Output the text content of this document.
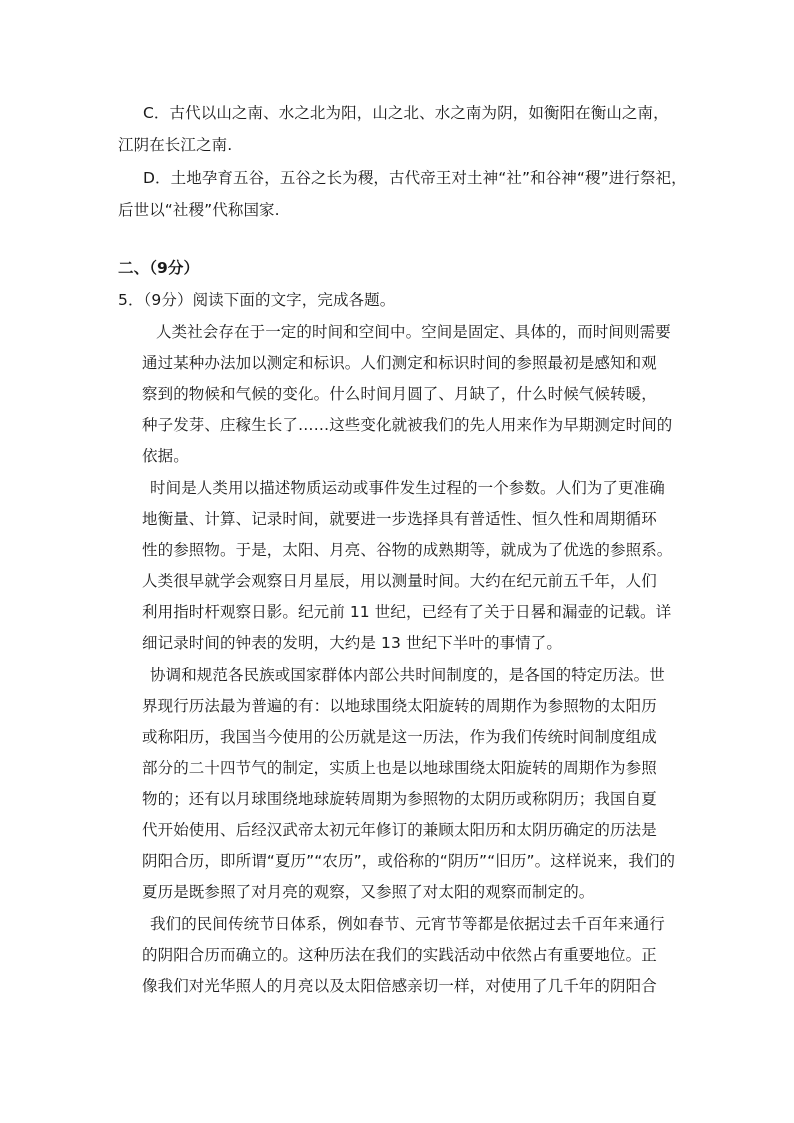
C．古代以山之南、水之北为阳，山之北、水之南为阴，如衡阳在衡山之南，
江阴在长江之南.
D．土地孕育五谷，五谷之长为稷，古代帝王对土神“社”和谷神“稷”进行祭祀，
后世以“社稷”代称国家.
二、（9分）
5．（9分）阅读下面的文字，完成各题。
人类社会存在于一定的时间和空间中。空间是固定、具体的，而时间则需要
通过某种办法加以测定和标识。人们测定和标识时间的参照最初是感知和观
察到的物候和气候的变化。什么时间月圆了、月缺了，什么时候气候转暖，
种子发芽、庄稼生长了……这些变化就被我们的先人用来作为早期测定时间的
依据。
时间是人类用以描述物质运动或事件发生过程的一个参数。人们为了更准确
地衡量、计算、记录时间，就要进一步选择具有普适性、恒久性和周期循环
性的参照物。于是，太阳、月亮、谷物的成熟期等，就成为了优选的参照系。
人类很早就学会观察日月星辰，用以测量时间。大约在纪元前五千年，人们
利用指时杆观察日影。纪元前 11 世纪，已经有了关于日晷和漏壶的记载。详
细记录时间的钟表的发明，大约是 13 世纪下半叶的事情了。
协调和规范各民族或国家群体内部公共时间制度的，是各国的特定历法。世
界现行历法最为普遍的有：以地球围绕太阳旋转的周期作为参照物的太阳历
或称阳历，我国当今使用的公历就是这一历法，作为我们传统时间制度组成
部分的二十四节气的制定，实质上也是以地球围绕太阳旋转的周期作为参照
物的；还有以月球围绕地球旋转周期为参照物的太阴历或称阴历；我国自夏
代开始使用、后经汉武帝太初元年修订的兼顾太阳历和太阴历确定的历法是
阴阳合历，即所谓“夏历”“农历”，或俗称的“阴历”“旧历”。这样说来，我们的
夏历是既参照了对月亮的观察，又参照了对太阳的观察而制定的。
我们的民间传统节日体系，例如春节、元宵节等都是依据过去千百年来通行
的阴阳合历而确立的。这种历法在我们的实践活动中依然占有重要地位。正
像我们对光华照人的月亮以及太阳倍感亲切一样，对使用了几千年的阴阳合
